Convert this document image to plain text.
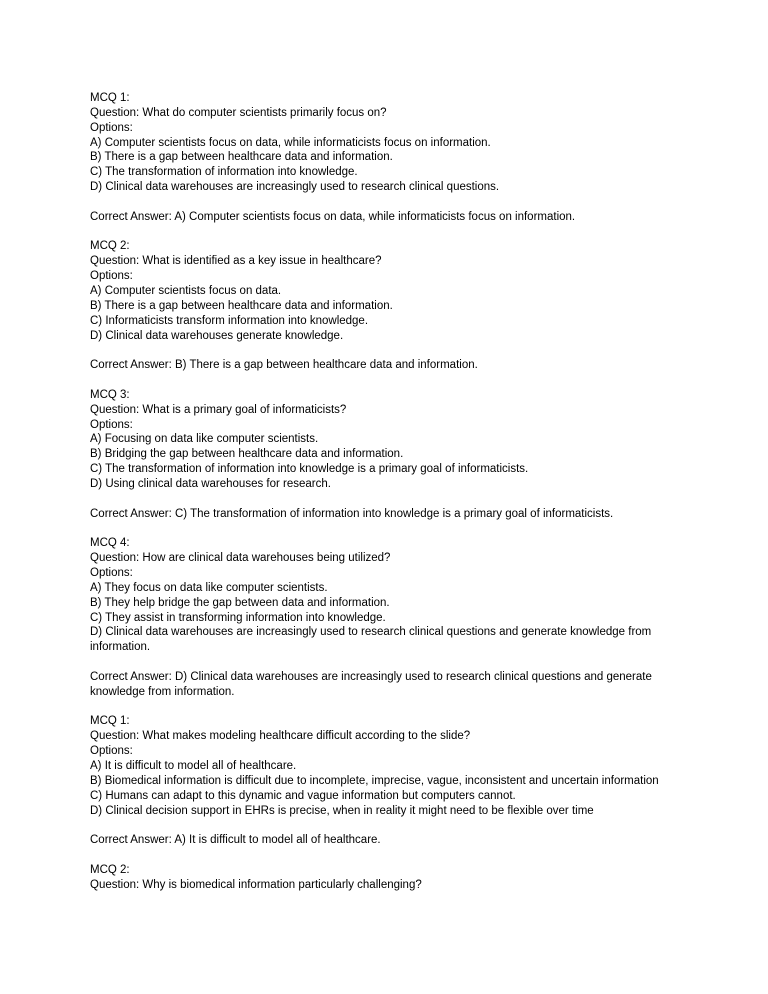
MCQ 1:
Question: What do computer scientists primarily focus on?
Options:
A) Computer scientists focus on data, while informaticists focus on information.
B) There is a gap between healthcare data and information.
C) The transformation of information into knowledge.
D) Clinical data warehouses are increasingly used to research clinical questions.
Correct Answer: A) Computer scientists focus on data, while informaticists focus on information.
MCQ 2:
Question: What is identified as a key issue in healthcare?
Options:
A) Computer scientists focus on data.
B) There is a gap between healthcare data and information.
C) Informaticists transform information into knowledge.
D) Clinical data warehouses generate knowledge.
Correct Answer: B) There is a gap between healthcare data and information.
MCQ 3:
Question: What is a primary goal of informaticists?
Options:
A) Focusing on data like computer scientists.
B) Bridging the gap between healthcare data and information.
C) The transformation of information into knowledge is a primary goal of informaticists.
D) Using clinical data warehouses for research.
Correct Answer: C) The transformation of information into knowledge is a primary goal of informaticists.
MCQ 4:
Question: How are clinical data warehouses being utilized?
Options:
A) They focus on data like computer scientists.
B) They help bridge the gap between data and information.
C) They assist in transforming information into knowledge.
D) Clinical data warehouses are increasingly used to research clinical questions and generate knowledge from information.
Correct Answer: D) Clinical data warehouses are increasingly used to research clinical questions and generate knowledge from information.
MCQ 1:
Question: What makes modeling healthcare difficult according to the slide?
Options:
A) It is difficult to model all of healthcare.
B) Biomedical information is difficult due to incomplete, imprecise, vague, inconsistent and uncertain information
C) Humans can adapt to this dynamic and vague information but computers cannot.
D) Clinical decision support in EHRs is precise, when in reality it might need to be flexible over time
Correct Answer: A) It is difficult to model all of healthcare.
MCQ 2:
Question: Why is biomedical information particularly challenging?
